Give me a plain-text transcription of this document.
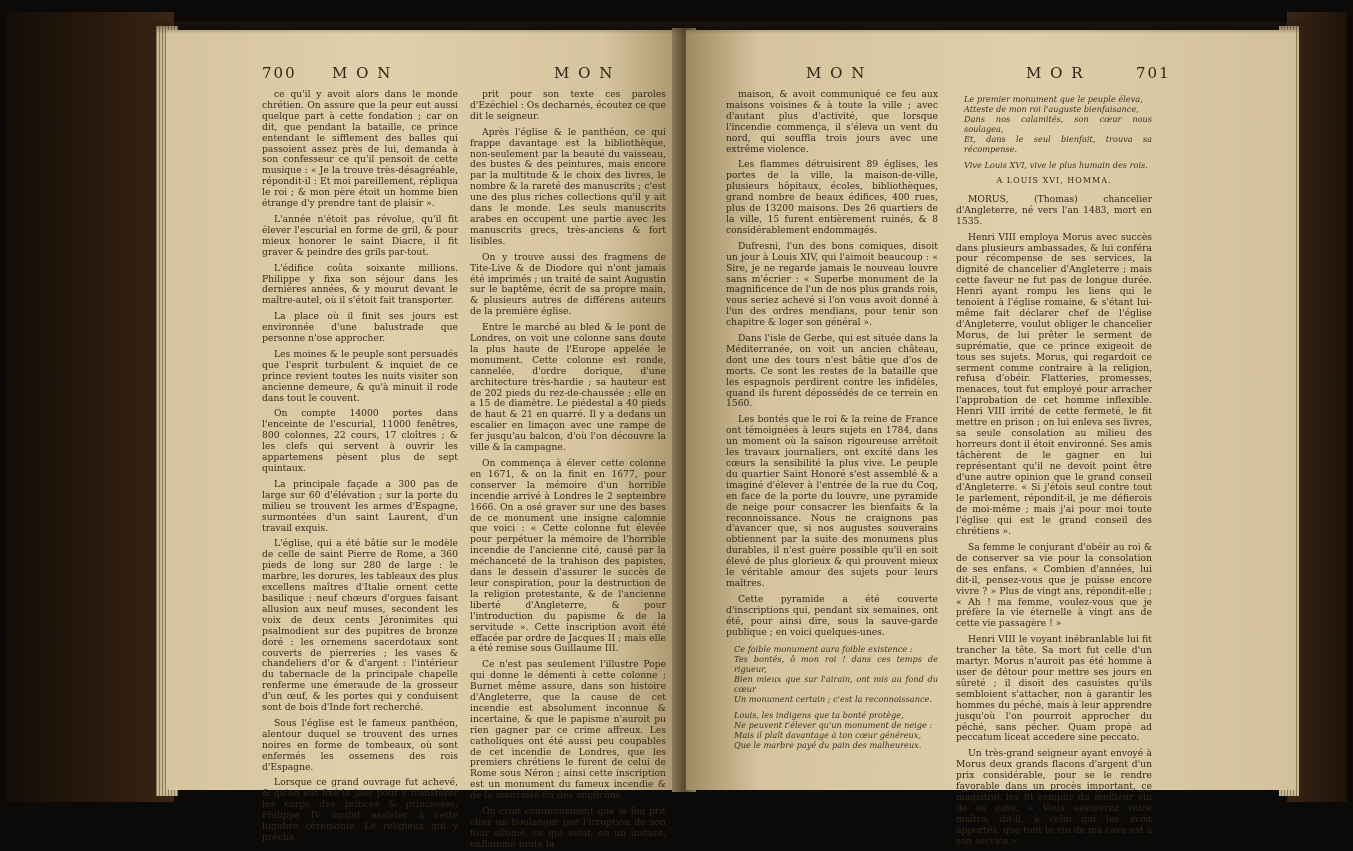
700 M O N	M O N

ce qu'il y avoit alors dans le monde chrétien. On assure que la peur eut aussi quelque part à cette fondation ; car on dit, que pendant la bataille, ce prince entendant le sifflement des balles qui passoient assez près de lui, demanda à son confesseur ce qu'il pensoit de cette musique : « Je la trouve très-désagréable, répondit-il : Et moi pareillement, répliqua le roi ; & mon père étoit un homme bien étrange d'y prendre tant de plaisir ».

L'année n'étoit pas révolue, qu'il fit élever l'escurial en forme de gril, & pour mieux honorer le saint Diacre, il fit graver & peindre des grils par-tout.

L'édifice coûta soixante millions. Philippe y fixa son séjour dans les dernières années, & y mourut devant le maître-autel, où il s'étoit fait transporter.

La place où il finit ses jours est environnée d'une balustrade que personne n'ose approcher.

Les moines & le peuple sont persuadés que l'esprit turbulent & inquiet de ce prince revient toutes les nuits visiter son ancienne demeure, & qu'à minuit il rode dans tout le couvent.

On compte 14000 portes dans l'enceinte de l'escurial, 11000 fenêtres, 800 colonnes, 22 cours, 17 cloîtres ; & les clefs qui servent à ouvrir les appartemens pèsent plus de sept quintaux.

La principale façade a 300 pas de large sur 60 d'élévation ; sur la porte du milieu se trouvent les armes d'Espagne, surmontées d'un saint Laurent, d'un travail exquis.

L'église, qui a été bâtie sur le modèle de celle de saint Pierre de Rome, a 360 pieds de long sur 280 de large : le marbre, les dorures, les tableaux des plus excellens maîtres d'Italie ornent cette basilique : neuf chœurs d'orgues faisant allusion aux neuf muses, secondent les voix de deux cents Jéronimites qui psalmodient sur des pupitres de bronze doré : les ornemens sacerdotaux sont couverts de pierreries ; les vases & chandeliers d'or & d'argent : l'intérieur du tabernacle de la principale chapelle renferme une émeraude de la grosseur d'un œuf, & les portes qui y conduisent sont de bois d'Inde fort recherché.

Sous l'église est le fameux panthéon, alentour duquel se trouvent des urnes noires en forme de tombeaux, où sont enfermés les ossemens des rois d'Espagne.

Lorsque ce grand ouvrage fut achevé, & qu'on eut fixé le jour pour y transférer les corps des princes & princesses, Philippe IV voulut assister à cette lugubre cérémonie. Le religieux qui y prêcha,

prit pour son texte ces paroles d'Ezéchiel : Os decharnés, écoutez ce que dit le seigneur.

Après l'église & le panthéon, ce qui frappe davantage est la bibliothèque, non-seulement par la beauté du vaisseau, des bustes & des peintures, mais encore par la multitude & le choix des livres, le nombre & la rareté des manuscrits ; c'est une des plus riches collections qu'il y ait dans le monde. Les seuls manuscrits arabes en occupent une partie avec les manuscrits grecs, très-anciens & fort lisibles.

On y trouve aussi des fragmens de Tite-Live & de Diodore qui n'ont jamais été imprimés ; un traité de saint Augustin sur le baptême, écrit de sa propre main, & plusieurs autres de différens auteurs de la première église.

Entre le marché au bled & le pont de Londres, on voit une colonne sans doute la plus haute de l'Europe appelée le monument. Cette colonne est ronde, cannelée, d'ordre dorique, d'une architecture très-hardie ; sa hauteur est de 202 pieds du rez-de-chaussée ; elle en a 15 de diamètre. Le piédestal a 40 pieds de haut & 21 en quarré. Il y a dedans un escalier en limaçon avec une rampe de fer jusqu'au balcon, d'où l'on découvre la ville & la campagne.

On commença à élever cette colonne en 1671, & on la finit en 1677, pour conserver la mémoire d'un horrible incendie arrivé à Londres le 2 septembre 1666. On a osé graver sur une des bases de ce monument une insigne calomnie que voici : « Cette colonne fut élevée pour perpétuer la mémoire de l'horrible incendie de l'ancienne cité, causé par la méchanceté de la trahison des papistes, dans le dessein d'assurer le succès de leur conspiration, pour la destruction de la religion protestante, & de l'ancienne liberté d'Angleterre, & pour l'introduction du papisme & de la servitude ». Cette inscription avoit été effacée par ordre de Jacques II ; mais elle a été remise sous Guillaume III.

Ce n'est pas seulement l'illustre Pope qui donne le démenti à cette colonne ; Burnet même assure, dans son histoire d'Angleterre, que la cause de cet incendie est absolument inconnue & incertaine, & que le papisme n'auroit pu rien gagner par ce crime affreux. Les catholiques ont été aussi peu coupables de cet incendie de Londres, que les premiers chrétiens le furent de celui de Rome sous Néron ; ainsi cette inscription est un monument du fameux incendie & de la mauvaise foi des anglicans.

On croit communément que le feu prit chez un boulanger par l'irruption de son four allumé, ce qui avoit, en un instant, enflammé toute la

M O N	M O R	701

maison, & avoit communiqué ce feu aux maisons voisines & à toute la ville ; avec d'autant plus d'activité, que lorsque l'incendie commença, il s'éleva un vent du nord, qui souffla trois jours avec une extrême violence.

Les flammes détruisirent 89 églises, les portes de la ville, la maison-de-ville, plusieurs hôpitaux, écoles, bibliothèques, grand nombre de beaux édifices, 400 rues, plus de 13200 maisons. Des 26 quartiers de la ville, 15 furent entièrement ruinés, & 8 considérablement endommagés.

Dufresni, l'un des bons comiques, disoit un jour à Louis XIV, qui l'aimoit beaucoup : « Sire, je ne regarde jamais le nouveau louvre sans m'écrier : « Superbe monument de la magnificence de l'un de nos plus grands rois, vous seriez achevé si l'on vous avoit donné à l'un des ordres mendians, pour tenir son chapitre & loger son général ».

Dans l'isle de Gerbe, qui est située dans la Méditerranée, on voit un ancien château, dont une des tours n'est bâtie que d'os de morts. Ce sont les restes de la bataille que les espagnols perdirent contre les infidèles, quand ils furent dépossédés de ce terrein en 1560.

Les bontés que le roi & la reine de France ont témoignées à leurs sujets en 1784, dans un moment où la saison rigoureuse arrêtoit les travaux journaliers, ont excité dans les cœurs la sensibilité la plus vive. Le peuple du quartier Saint Honoré s'est assemblé & a imaginé d'élever à l'entrée de la rue du Coq, en face de la porte du louvre, une pyramide de neige pour consacrer les bienfaits & la reconnoissance. Nous ne craignons pas d'avancer que, si nos augustes souverains obtiennent par la suite des monumens plus durables, il n'est guère possible qu'il en soit élevé de plus glorieux & qui prouvent mieux le véritable amour des sujets pour leurs maîtres.

Cette pyramide a été couverte d'inscriptions qui, pendant six semaines, ont été, pour ainsi dire, sous la sauve-garde publique ; en voici quelques-unes.

Ce foible monument aura foible existence :
Tes bontés, ô mon roi ! dans ces temps de rigueur,
Bien mieux que sur l'airain, ont mis au fond du cœur
Un monument certain ; c'est la reconnoissance.
Louis, les indigens que ta bonté protège,
Ne peuvent t'élever qu'un monument de neige :
Mais il plaît davantage à ton cœur généreux,
Que le marbre payé du pain des malheureux.
Le premier monument que le peuple éleva,
Atteste de mon roi l'auguste bienfaisance,
Dans nos calamités, son cœur nous soulagea,
Et, dans le seul bienfait, trouva sa récompense.
Vive Louis XVI, vive le plus humain des rois.
A LOUIS XVI, HOMMA.

MORUS, (Thomas) chancelier d'Angleterre, né vers l'an 1483, mort en 1535.

Henri VIII employa Morus avec succès dans plusieurs ambassades, & lui conféra pour récompense de ses services, la dignité de chancelier d'Angleterre ; mais cette faveur ne fut pas de longue durée. Henri ayant rompu les liens qui le tenoient à l'église romaine, & s'étant lui-même fait déclarer chef de l'église d'Angleterre, voulut obliger le chancelier Morus, de lui prêter le serment de suprématie, que ce prince exigeoit de tous ses sujets. Morus, qui regardoit ce serment comme contraire à la religion, refusa d'obéir. Flatteries, promesses, menaces, tout fut employé pour arracher l'approbation de cet homme inflexible. Henri VIII irrité de cette fermeté, le fit mettre en prison ; on lui enleva ses livres, sa seule consolation au milieu des horreurs dont il étoit environné. Ses amis tâchèrent de le gagner en lui représentant qu'il ne devoit point être d'une autre opinion que le grand conseil d'Angleterre. « Si j'étois seul contre tout le parlement, répondit-il, je me défierois de moi-même ; mais j'ai pour moi toute l'église qui est le grand conseil des chrétiens ».

Sa femme le conjurant d'obéir au roi & de conserver sa vie pour la consolation de ses enfans. « Combien d'années, lui dit-il, pensez-vous que je puisse encore vivre ? » Plus de vingt ans, répondit-elle ; « Ah ! ma femme, voulez-vous que je préfère la vie éternelle à vingt ans de cette vie passagère ! »

Henri VIII le voyant inébranlable lui fit trancher la tête. Sa mort fut celle d'un martyr. Morus n'auroit pas été homme à user de détour pour mettre ses jours en sûreté ; il disoit des casuistes qu'ils sembloient s'attacher, non à garantir les hommes du péché, mais à leur apprendre jusqu'où l'on pourroit approcher du péché, sans pécher. Quam propè ad peccatum liceat accedere sine peccato.

Un très-grand seigneur ayant envoyé à Morus deux grands flacons d'argent d'un prix considérable, pour se le rendre favorable dans un procès important, ce magistrat les fit remplir du meilleur vin de sa cave. « Vous assurerez votre maître, dit-il, à celui qui les avoit apportés, que tout le vin de ma cave est à son service ».
